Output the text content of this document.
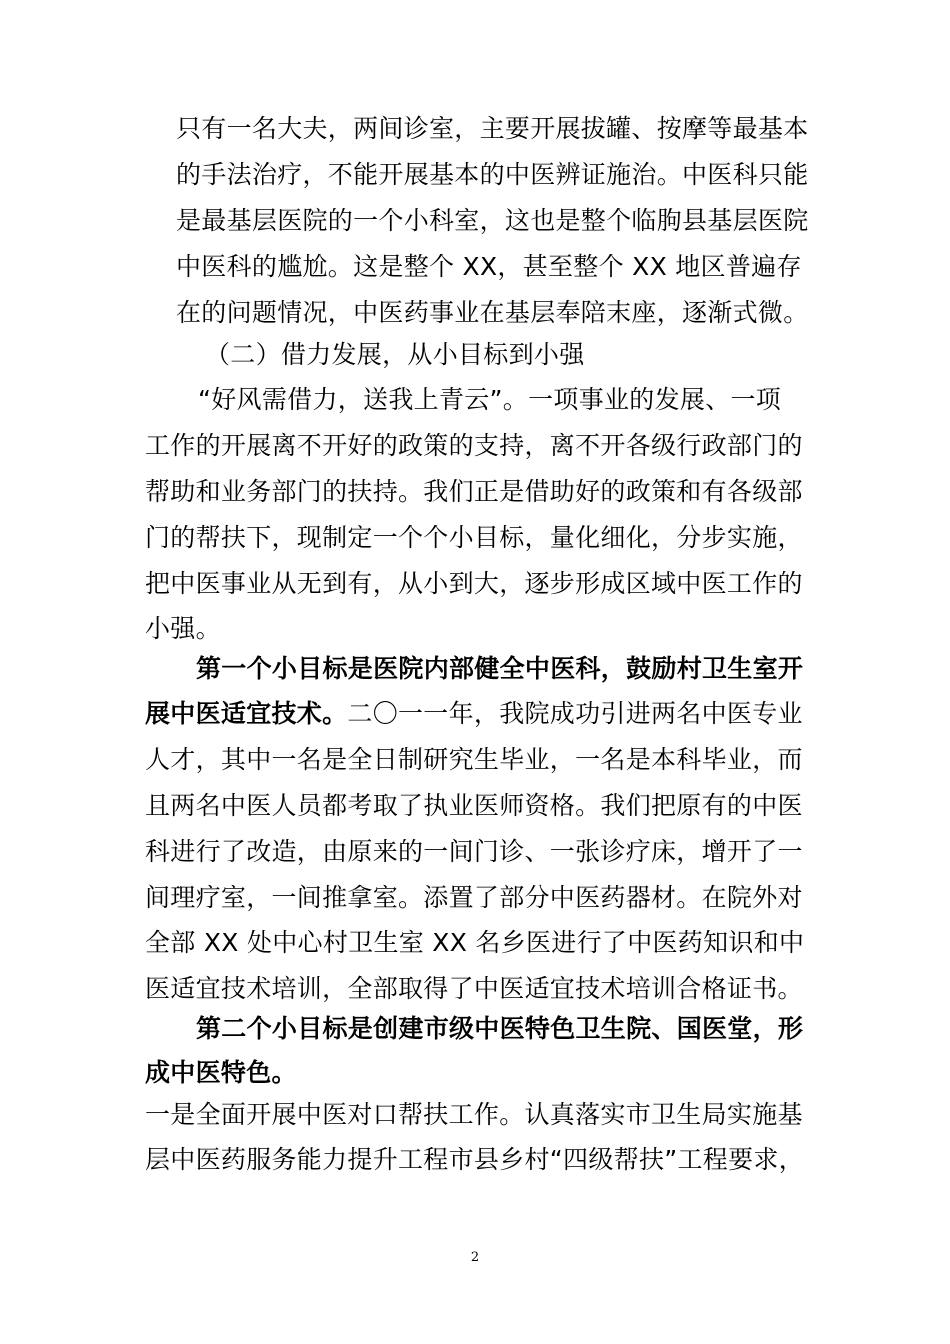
只有一名大夫，两间诊室，主要开展拔罐、按摩等最基本
的手法治疗，不能开展基本的中医辨证施治。中医科只能
是最基层医院的一个小科室，这也是整个临朐县基层医院
中医科的尴尬。这是整个 XX，甚至整个 XX 地区普遍存
在的问题情况，中医药事业在基层奉陪末座，逐渐式微。
（二）借力发展，从小目标到小强
“好风需借力，送我上青云”。一项事业的发展、一项
工作的开展离不开好的政策的支持，离不开各级行政部门的
帮助和业务部门的扶持。我们正是借助好的政策和有各级部
门的帮扶下，现制定一个个小目标，量化细化，分步实施，
把中医事业从无到有，从小到大，逐步形成区域中医工作的
小强。
第一个小目标是医院内部健全中医科，鼓励村卫生室开
展中医适宜技术。二〇一一年，我院成功引进两名中医专业
人才，其中一名是全日制研究生毕业，一名是本科毕业，而
且两名中医人员都考取了执业医师资格。我们把原有的中医
科进行了改造，由原来的一间门诊、一张诊疗床，增开了一
间理疗室，一间推拿室。添置了部分中医药器材。在院外对
全部 XX 处中心村卫生室 XX 名乡医进行了中医药知识和中
医适宜技术培训，全部取得了中医适宜技术培训合格证书。
第二个小目标是创建市级中医特色卫生院、国医堂，形
成中医特色。
一是全面开展中医对口帮扶工作。认真落实市卫生局实施基
层中医药服务能力提升工程市县乡村“四级帮扶”工程要求，
2
